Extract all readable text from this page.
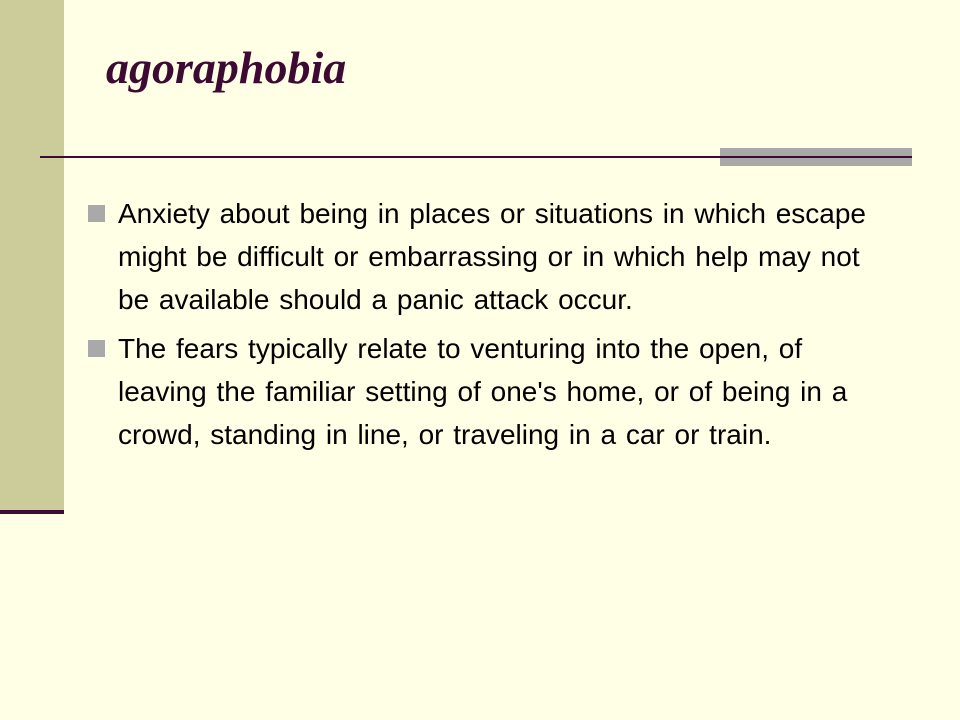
agoraphobia
Anxiety about being in places or situations in which escape might be difficult or embarrassing or in which help may not be available should a panic attack occur.
The fears typically relate to venturing into the open, of leaving the familiar setting of one's home, or of being in a crowd, standing in line, or traveling in a car or train.
